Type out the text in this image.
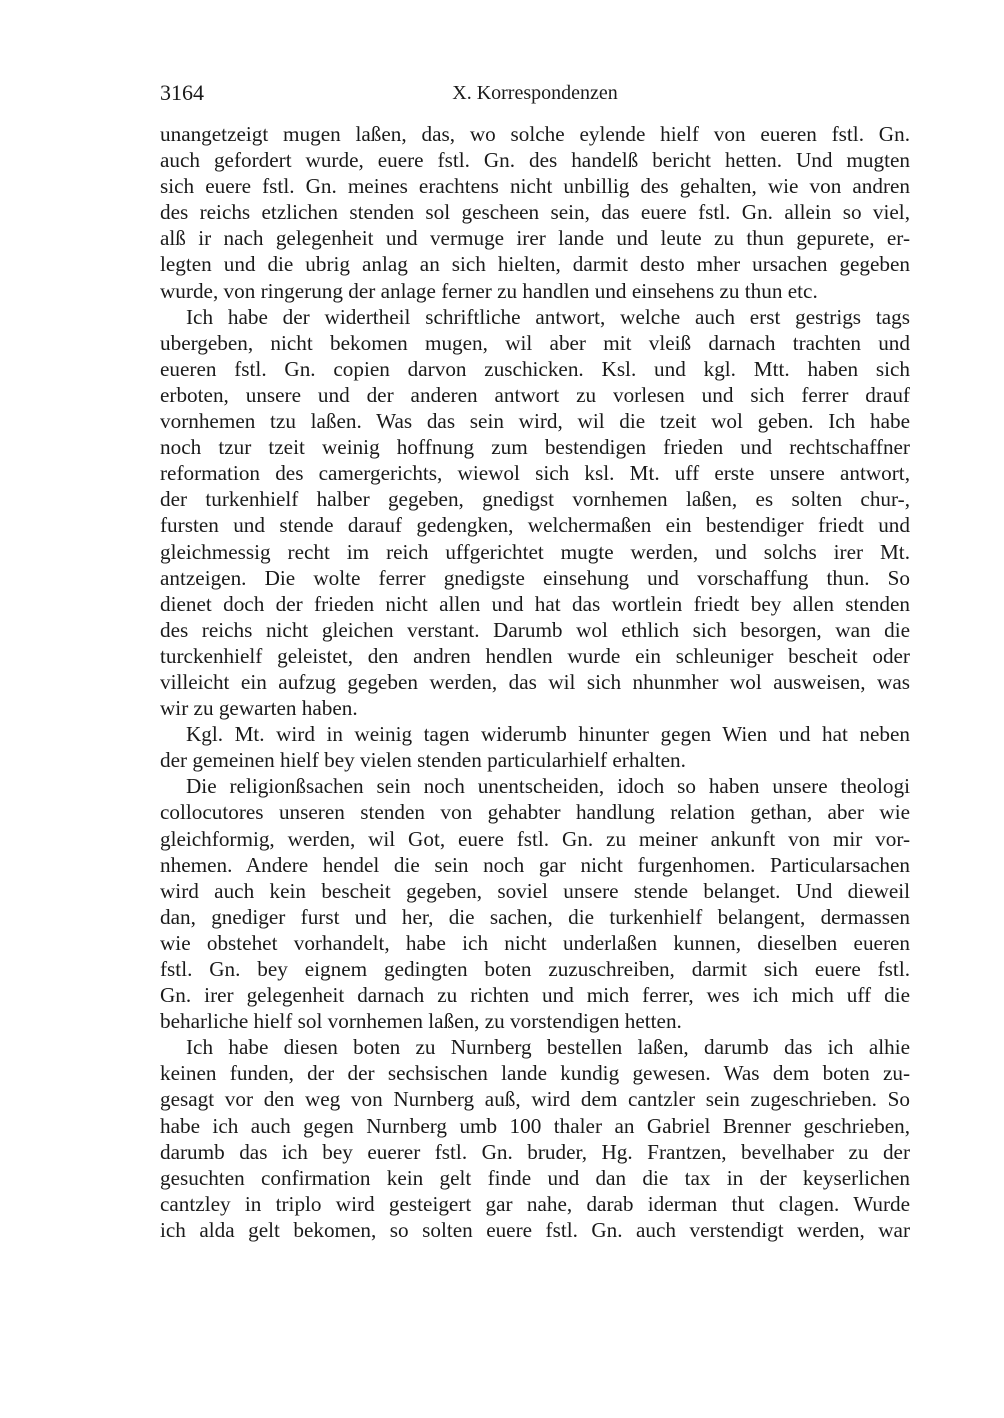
3164	X. Korrespondenzen
unangetzeigt mugen laßen, das, wo solche eylende hielf von eueren fstl. Gn.
auch gefordert wurde, euere fstl. Gn. des handelß bericht hetten. Und mugten
sich euere fstl. Gn. meines erachtens nicht unbillig des gehalten, wie von andren
des reichs etzlichen stenden sol gescheen sein, das euere fstl. Gn. allein so viel,
alß ir nach gelegenheit und vermuge irer lande und leute zu thun gepurete, er-
legten und die ubrig anlag an sich hielten, darmit desto mher ursachen gegeben
wurde, von ringerung der anlage ferner zu handlen und einsehens zu thun etc.
Ich habe der widertheil schriftliche antwort, welche auch erst gestrigs tags
ubergeben, nicht bekomen mugen, wil aber mit vleiß darnach trachten und
eueren fstl. Gn. copien darvon zuschicken. Ksl. und kgl. Mtt. haben sich
erboten, unsere und der anderen antwort zu vorlesen und sich ferrer drauf
vornhemen tzu laßen. Was das sein wird, wil die tzeit wol geben. Ich habe
noch tzur tzeit weinig hoffnung zum bestendigen frieden und rechtschaffner
reformation des camergerichts, wiewol sich ksl. Mt. uff erste unsere antwort,
der turkenhielf halber gegeben, gnedigst vornhemen laßen, es solten chur-,
fursten und stende darauf gedengken, welchermaßen ein bestendiger friedt und
gleichmessig recht im reich uffgerichtet mugte werden, und solchs irer Mt.
antzeigen. Die wolte ferrer gnedigste einsehung und vorschaffung thun. So
dienet doch der frieden nicht allen und hat das wortlein friedt bey allen stenden
des reichs nicht gleichen verstant. Darumb wol ethlich sich besorgen, wan die
turckenhielf geleistet, den andren hendlen wurde ein schleuniger bescheit oder
villeicht ein aufzug gegeben werden, das wil sich nhunmher wol ausweisen, was
wir zu gewarten haben.
Kgl. Mt. wird in weinig tagen widerumb hinunter gegen Wien und hat neben
der gemeinen hielf bey vielen stenden particularhielf erhalten.
Die religionßsachen sein noch unentscheiden, idoch so haben unsere theologi
collocutores unseren stenden von gehabter handlung relation gethan, aber wie
gleichformig, werden, wil Got, euere fstl. Gn. zu meiner ankunft von mir vor-
nhemen. Andere hendel die sein noch gar nicht furgenhomen. Particularsachen
wird auch kein bescheit gegeben, soviel unsere stende belanget. Und dieweil
dan, gnediger furst und her, die sachen, die turkenhielf belangent, dermassen
wie obstehet vorhandelt, habe ich nicht underlaßen kunnen, dieselben eueren
fstl. Gn. bey eignem gedingten boten zuzuschreiben, darmit sich euere fstl.
Gn. irer gelegenheit darnach zu richten und mich ferrer, wes ich mich uff die
beharliche hielf sol vornhemen laßen, zu vorstendigen hetten.
Ich habe diesen boten zu Nurnberg bestellen laßen, darumb das ich alhie
keinen funden, der der sechsischen lande kundig gewesen. Was dem boten zu-
gesagt vor den weg von Nurnberg auß, wird dem cantzler sein zugeschrieben. So
habe ich auch gegen Nurnberg umb 100 thaler an Gabriel Brenner geschrieben,
darumb das ich bey euerer fstl. Gn. bruder, Hg. Frantzen, bevelhaber zu der
gesuchten confirmation kein gelt finde und dan die tax in der keyserlichen
cantzley in triplo wird gesteigert gar nahe, darab iderman thut clagen. Wurde
ich alda gelt bekomen, so solten euere fstl. Gn. auch verstendigt werden, war
